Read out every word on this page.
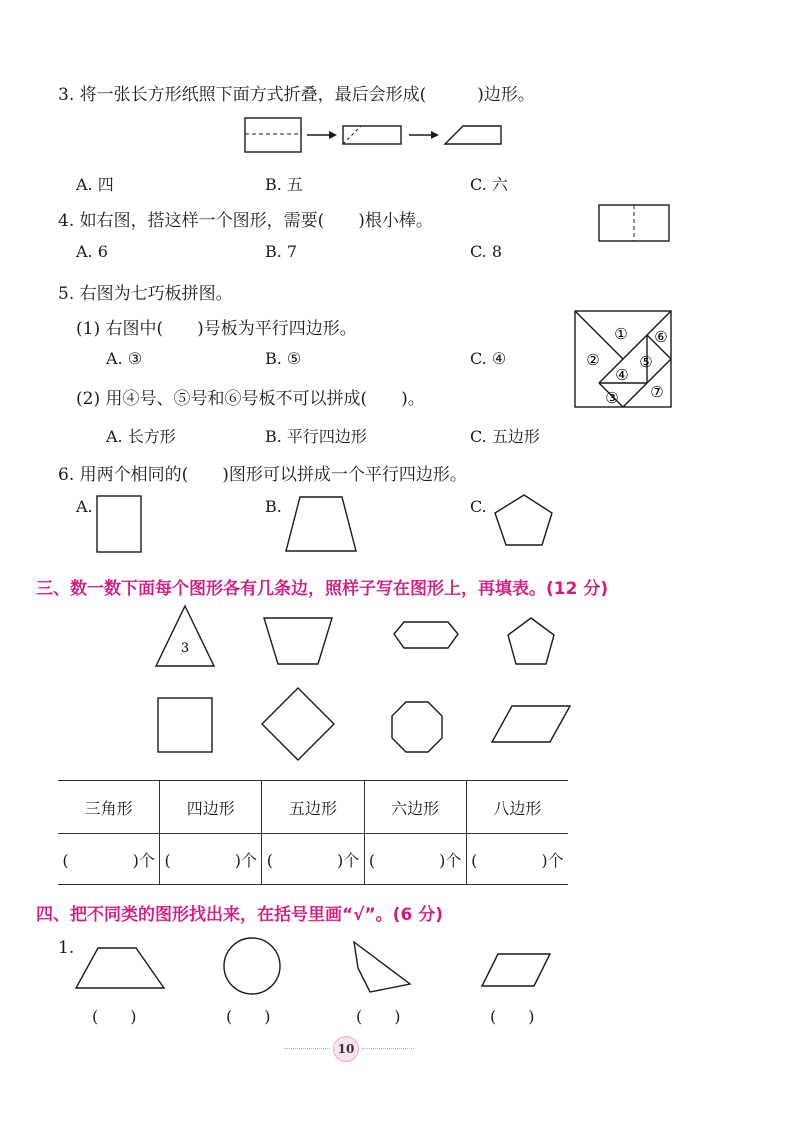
3. 将一张长方形纸照下面方式折叠，最后会形成(　　　)边形。
A. 四	B. 五	C. 六
4. 如右图，搭这样一个图形，需要(　　)根小棒。
A. 6	B. 7	C. 8
5. 右图为七巧板拼图。
(1) 右图中(　　)号板为平行四边形。
A. ③	B. ⑤	C. ④
(2) 用④号、⑤号和⑥号板不可以拼成(　　)。
A. 长方形	B. 平行四边形	C. 五边形
①
②
③
④
⑤
⑥
⑦
6. 用两个相同的(　　)图形可以拼成一个平行四边形。
A.	B.	C.
三、数一数下面每个图形各有几条边，照样子写在图形上，再填表。(12 分)
3
三角形	四边形	五边形	六边形	八边形
(　　　　)个	(　　　　)个	(　　　　)个	(　　　　)个	(　　　　)个
四、把不同类的图形找出来，在括号里画“√”。(6 分)
1.
(　　)	(　　)	(　　)	(　　)
10
